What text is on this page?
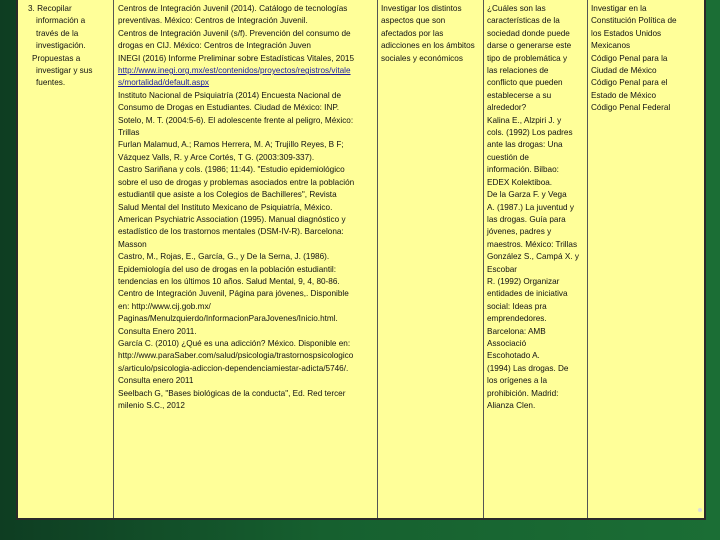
3. Recopilar
información a
través de la
investigación.
Propuestas a
investigar y sus
fuentes.
Centros de Integración Juvenil (2014). Catálogo de tecnologías
preventivas. México: Centros de Integración Juvenil.
Centros de Integración Juvenil (s/f). Prevención del consumo de
drogas en CIJ. México: Centros de Integración Juven
INEGI (2016) Informe Preliminar sobre Estadísticas Vitales, 2015
http://www.inegi.org.mx/est/contenidos/proyectos/registros/vitale
s/mortalidad/default.aspx
Instituto Nacional de Psiquiatría (2014) Encuesta Nacional de
Consumo de Drogas en Estudiantes. Ciudad de México: INP.
Sotelo, M. T. (2004:5-6). El adolescente frente al peligro, México:
Trillas
Furlan Malamud, A.; Ramos Herrera, M. A; Trujillo Reyes, B F;
Vázquez Valls, R. y Arce Cortés, T G. (2003:309-337).
Castro Sariñana y cols. (1986; 11:44). "Estudio epidemiológico
sobre el uso de drogas y problemas asociados entre la población
estudiantil que asiste a los Colegios de Bachilleres", Revista
Salud Mental del Instituto Mexicano de Psiquiatría, México.
American Psychiatric Association (1995). Manual diagnóstico y
estadístico de los trastornos mentales (DSM-IV-R). Barcelona:
Masson
Castro, M., Rojas, E., García, G., y De la Serna, J. (1986).
Epidemiología del uso de drogas en la población estudiantil:
tendencias en los últimos 10 años. Salud Mental, 9, 4, 80-86.
Centro de Integración Juvenil, Página para jóvenes,. Disponible
en: http://www.cij.gob.mx/
Paginas/Menulzquierdo/InformacionParaJovenes/Inicio.html.
Consulta Enero 2011.
García C. (2010) ¿Qué es una adicción? México. Disponible en:
http://www.paraSaber.com/salud/psicologia/trastornospsicologico
s/articulo/psicologia-adiccion-dependenciamiestar-adicta/5746/.
Consulta enero 2011
Seelbach G, "Bases biológicas de la conducta", Ed. Red tercer
milenio S.C., 2012
Investigar los distintos
aspectos que son
afectados por las
adicciones en los ámbitos
sociales y económicos
¿Cuáles son las
características de la
sociedad donde puede
darse o generarse este
tipo de problemática y
las relaciones de
conflicto que pueden
establecerse a su
alrededor?
Kalina E., Alzpiri J. y
cols. (1992) Los padres
ante las drogas: Una
cuestión de
información. Bilbao:
EDEX Kolektiboa.
De la Garza F. y Vega
A. (1987.) La juventud y
las drogas. Guía para
jóvenes, padres y
maestros. México: Trillas
González S., Campá X. y
Escobar
R. (1992) Organizar
entidades de iniciativa
social: Ideas pra
emprendedores.
Barcelona: AMB
Associació
Escohotado A.
(1994) Las drogas. De
los orígenes a la
prohibición. Madrid:
Alianza Clen.
Investigar en la
Constitución Política de
los Estados Unidos
Mexicanos
Código Penal para la
Ciudad de México
Código Penal para el
Estado de México
Código Penal Federal
